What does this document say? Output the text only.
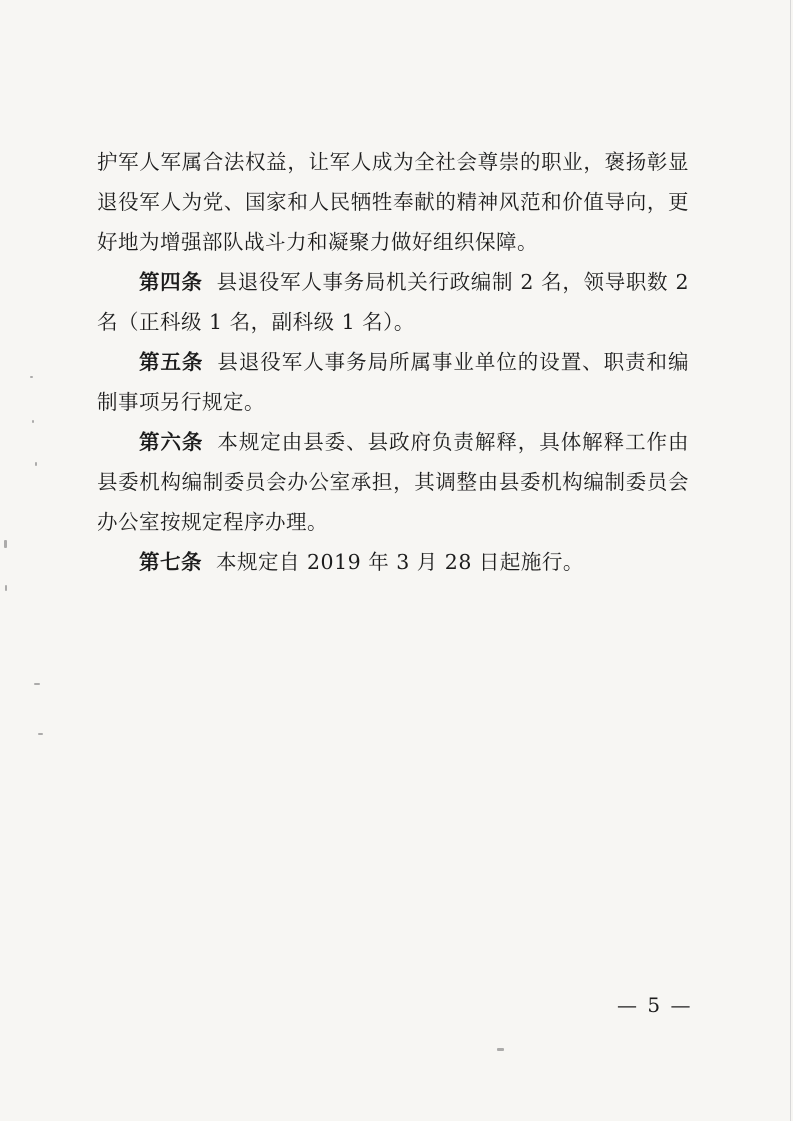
护军人军属合法权益，让军人成为全社会尊崇的职业，褒扬彰显
退役军人为党、国家和人民牺牲奉献的精神风范和价值导向，更
好地为增强部队战斗力和凝聚力做好组织保障。
第四条 县退役军人事务局机关行政编制 2 名，领导职数 2
名（正科级 1 名，副科级 1 名）。
第五条 县退役军人事务局所属事业单位的设置、职责和编
制事项另行规定。
第六条 本规定由县委、县政府负责解释，具体解释工作由
县委机构编制委员会办公室承担，其调整由县委机构编制委员会
办公室按规定程序办理。
第七条 本规定自 2019 年 3 月 28 日起施行。
— 5 —
